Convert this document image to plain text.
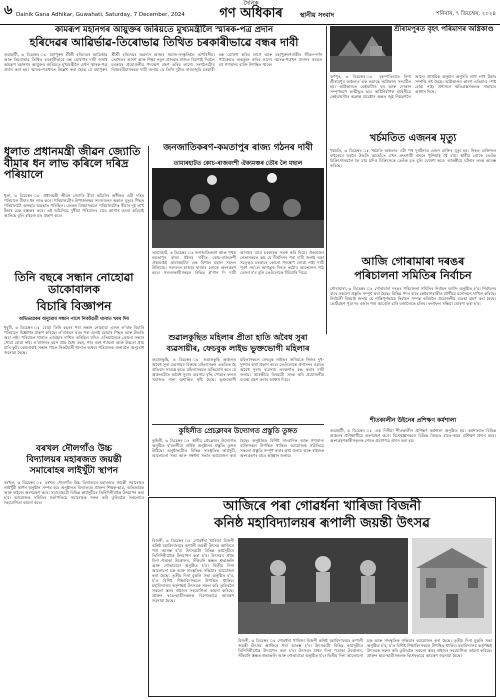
৬ Dainik Gana Adhikar, Guwahati, Saturday, 7 December, 2024
দৈনিক
গণ অধিকাৰ	স্থানীয় সংবাদ	শনিবাৰ, ৭ ডিচেম্বৰ, ২০২৪
কামৰূপ মহানগৰ আয়ুক্তৰ জৰিয়তে মুখ্যমন্ত্ৰীলৈ স্মাৰক-পত্ৰ প্ৰদান
হৰিদেৱৰ আৱিৰ্ভাৱ-তিৰোভাৱ তিথিত চৰকাৰীভাৱে বন্ধৰ দাবী
গুৱাহাটী, ৬ ডিচেম্বৰ ঃ মহাপুৰুষ শ্ৰীশ্ৰী হৰিদেৱৰ আৱিৰ্ভাৱ আৰু তিৰোভাৱ তিথিত চৰকাৰীভাৱে বন্ধ ঘোষণাৰ দাবী জনাই কামৰূপ মহানগৰ আয়ুক্তৰ জৰিয়তে মুখ্যমন্ত্ৰীলৈ এখন স্মাৰক-পত্ৰ প্ৰদান কৰা হয়। স্মাৰক-পত্ৰখনত উল্লেখ কৰা হৈছে যে মহাপুৰুষ শ্ৰীশ্ৰী হৰিদেৱৰ অৱদান অসমৰ সমাজ-সংস্কৃতিলৈ অপৰিসীম। তেখেতৰ আদৰ্শ আৰু শিক্ষা নতুন প্ৰজন্মৰ মাজত বিয়পাই দিবলৈ চৰকাৰে প্ৰয়োজনীয় পদক্ষেপ গ্ৰহণ কৰিব লাগে। সংগঠনটোৰ বিষয়ববীয়াসকলে দাবী জনায় যে তিথি দুটাত ৰাজ্যজুৰি চৰকাৰী বন্ধ ঘোষণা কৰিব লাগে আৰু মহাপুৰুষগৰাকীৰ জীৱন-দৰ্শন পাঠ্যক্ৰমত অন্তৰ্ভুক্ত কৰিব লাগে। স্মাৰক-পত্ৰখন প্ৰদানৰ সময়ত বহু গণ্যমান্য ব্যক্তি উপস্থিত থাকে।
শ্ৰীৰামপুৰত বৃহৎ পৰিমাণৰ অগ্নিকাণ্ড
কৰ্ণপুৰ, ৬ ডিচেম্বৰ ঃ বৃহস্পতিবাৰে নিশা শ্ৰীৰামপুৰ অঞ্চলত এক ভয়াৱহ অগ্নিকাণ্ড সংঘটিত হয়। অগ্নিকাণ্ডত কেইবাটাও ঘৰ আৰু দোকান সম্পূৰ্ণৰূপে ভস্মীভূত হয়। অগ্নিনিৰ্বাপক বাহিনীয়ে কেইবাঘণ্টাৰ অক্লান্ত প্ৰচেষ্টাৰ অন্তত জুই নিয়ন্ত্ৰণলৈ আনে। প্ৰাথমিক অনুমান অনুসৰি লাখ লাখ টকাৰ সম্পত্তি নষ্ট হৈছে। অগ্নিকাণ্ডৰ কাৰণ এতিয়াও স্পষ্ট হোৱা নাই। প্ৰশাসনে ক্ষতিগ্ৰস্তসকলক সাহায্যৰ আশ্বাস দিছে।
ধূলাত প্ৰধানমন্ত্ৰী জীৱন জ্যোতি বীমাৰ ধন লাভ কৰিলে দৰিদ্ৰ পৰিয়ালে
ধূলা, ৬ ডিচেম্বৰ ঃ প্ৰধানমন্ত্ৰী জীৱন জ্যোতি বীমা আঁচনিৰ অধীনত এটা দৰিদ্ৰ পৰিয়ালে বীমাৰ ধন লাভ কৰে। পৰিয়ালটোৰ উপাৰ্জনক্ষম সদস্যজনৰ অকাল মৃত্যুৰ পিছত পৰিয়ালটো অসহায় অৱস্থাত পৰিছিল। বেংকৰ বিষয়াসকলে পৰিয়ালটোক বীমাৰ দুই লাখ টকাৰ চেক হস্তান্তৰ কৰে। এই আঁচনিয়ে দুখীয়া পৰিয়ালৰ বাবে আশাৰ বতৰা কঢ়িয়াই আনিছে বুলি ৰাইজে মত প্ৰকাশ কৰে।
তিনি বছৰে সন্ধান নোহোৱা ডাকোবালক
বিচাৰি বিজ্ঞাপন
অভিভাৱকৰ অনুৰোধ সন্ধান পালে নিকটৱৰ্তী থানাত খবৰ দিব
ধুবুৰী, ৬ ডিচেম্বৰ ঃ যোৱা তিনি বছৰৰ পৰা সন্ধান নোহোৱা এজন ল'ৰাক বিচাৰি পৰিয়ালে বিজ্ঞাপন প্ৰকাশ কৰিছে। ল'ৰাজনে ঘৰৰ পৰা ওলাই যোৱাৰ পিছত আৰু উভতি অহা নাই। পৰিয়ালে থানাত এজাহাৰ দাখিল কৰিছিল যদিও এতিয়ালৈকে কোনো সন্ধান পোৱা হোৱা নাই। ল'ৰাজনৰ বয়স প্ৰায় চৈধ্য বছৰ, গাৰ বৰণ শ্যামলা আৰু উচ্চতা প্ৰায় চাৰি ফুট। কোনোবাই সন্ধান পালে নিকটৱৰ্তী থানাত অথবা পৰিয়ালক জনাবলৈ অনুৰোধ জনোৱা হৈছে।
জনজাতিকৰণ-কমতাপুৰ ৰাজ্য গঠনৰ দাবী
তামাৰহাটত কোচ-ৰাজবংশী ঐক্যমঞ্চৰ তৌৰ লৈ মছাল
তামাৰহাট, ৬ ডিচেম্বৰ ঃ জনজাতিকৰণ আৰু পৃথক কমতাপুৰ ৰাজ্য গঠনৰ দাবীত কোচ-ৰাজবংশী ঐক্যমঞ্চই তামাৰহাটত এক বিশাল মছাল সমদল উলিয়ায়। সমদলত হাজাৰ হাজাৰ লোকে অংশগ্ৰহণ কৰে। সমদলকাৰীসকলে বিভিন্ন শ্ল'গান দি দাবী আদায়ৰ বাবে চৰকাৰক সতৰ্ক কৰি দিয়ে। ঐক্যমঞ্চৰ নেতাসকলে কয় যে দীৰ্ঘদিনৰ পৰা দাবী জনাই অহা সত্ত্বেও চৰকাৰে কোনো পদক্ষেপ লোৱা নাই। দাবী পূৰণ নহ'লে আগন্তুক দিনত কঠোৰ আন্দোলন গঢ়ি তোলা হ'ব বুলি তেওঁলোকে হুঁচিয়াৰি দিয়ে।
খৰ্চমতিত এজনৰ মৃত্যু
খৰ্চমতি, ৬ ডিচেম্বৰ ঃ খৰ্চমতি অঞ্চলত এটা পথ দুৰ্ঘটনাত এজন ব্যক্তিৰ মৃত্যু হয়। নিহত ব্যক্তিজন বাইকেৰে ঘৰলৈ উভতি আহোঁতে এখন দ্ৰুতগামী বাহনে খুন্দিয়াই থৈ যায়। স্থানীয় লোকে তেওঁক চিকিৎসালয়লৈ লৈ যায় যদিও চিকিৎসকে তেওঁক মৃত বুলি ঘোষণা কৰে। আৰক্ষীয়ে ঘটনাৰ তদন্ত আৰম্ভ কৰিছে।
আজি গোৰামাৰা দৰঙৰ
পৰিচালনা সমিতিৰ নিৰ্বাচন
গোৰামাৰা, ৬ ডিচেম্বৰ ঃ গোৰামাৰা দৰঙৰ পৰিচালনা সমিতিৰ নিৰ্বাচন আজি অনুষ্ঠিত হ'ব। নিৰ্বাচনৰ বাবে সকলো প্ৰস্তুতি সম্পূৰ্ণ কৰা হৈছে। বিভিন্ন পদৰ বাবে কেইবাগৰাকীও প্ৰাৰ্থীয়ে মনোনয়ন দাখিল কৰিছে। নিৰ্বাচনী বিষয়াই জনায় যে শান্তিপূৰ্ণভাৱে নিৰ্বাচন সম্পন্ন কৰিবলৈ প্ৰয়োজনীয় ব্যৱস্থা গ্ৰহণ কৰা হৈছে। ভোটগ্ৰহণ পুৱা দহ বজাৰ পৰা আবেলি চাৰি বজালৈকে চলিব। ফলাফল সন্ধিয়া ঘোষণা কৰা হ'ব।
শীতকালীন উইনেৰ প্ৰশিক্ষণ কৰ্মশালা
গুৱাহাটী, ৬ ডিচেম্বৰ ঃ এক দিনীয়া শীতকালীন প্ৰশিক্ষণ কৰ্মশালা অনুষ্ঠিত হয়। কৰ্মশালাত বিভিন্ন অঞ্চলৰ প্ৰশিক্ষাৰ্থীয়ে অংশগ্ৰহণ কৰে। বিশেষজ্ঞসকলে বিভিন্ন বিষয়ত হাতে-কামে প্ৰশিক্ষণ প্ৰদান কৰে। অংশগ্ৰহণকাৰীসকলক শেষত প্ৰমাণপত্ৰ প্ৰদান কৰা হয়।
শুৱালকুছিত মহিলাৰ প্ৰীতা হাতি অবৈধ সুৰা
ব্যৱসায়ীৰ, ফেচবুক লাইভ ভুক্তভোগী মহিলাৰ
শুৱালকুছি, ৬ ডিচেম্বৰ ঃ শুৱালকুছি অঞ্চলত অবৈধ সুৰা ব্যৱসায়ৰ বিৰুদ্ধে মহিলাসকল একত্ৰিত হৈ প্ৰতিবাদ সাব্যস্ত কৰে। মহিলাসকলে অভিযোগ কৰে যে অঞ্চলটোত অবৈধ সুৰাৰ ব্যৱসায় বৃদ্ধি পোৱাৰ ফলত সমাজত নানা অশান্তিৰ সৃষ্টি হৈছে। ভুক্তভোগী মহিলাসকলে ফেচবুক লাইভৰ জৰিয়তে নিজৰ দুখ-দুৰ্দশাৰ কথা প্ৰকাশ কৰে। তেওঁলোকে প্ৰশাসনৰ ওচৰত অবৈধ সুৰাৰ ব্যৱসায় তৎক্ষণাত বন্ধ কৰাৰ দাবী জনায়। আৰক্ষীয়ে বিষয়টো তদন্ত কৰি প্ৰয়োজনীয় ব্যৱস্থা গ্ৰহণ কৰাৰ আশ্বাস দিয়ে।
কুহিলীত প্ৰেচক্লাবৰ উদ্যোগত প্ৰস্তুতি তুঙ্গত
কুহিলী, ৬ ডিচেম্বৰ ঃ স্থানীয় প্ৰেচক্লাবৰ উদ্যোগত অনুষ্ঠিত হ'বলগীয়া বাৰ্ষিক অনুষ্ঠানৰ প্ৰস্তুতি তুঙ্গত উঠিছে। অনুষ্ঠানটোত বিভিন্ন সাংস্কৃতিক কাৰ্যসূচী, আলোচনা সভা আৰু সম্বৰ্ধনা সভাৰ আয়োজন কৰা হৈছে। অনুষ্ঠানত বিশিষ্ট সাংবাদিক আৰু গণ্যমান্য ব্যক্তিসকল উপস্থিত থাকিব। আয়োজক সমিতিয়ে সকলো প্ৰস্তুতি সম্পূৰ্ণ কৰাৰ কথা জনায় আৰু ৰাইজক অংশগ্ৰহণৰ বাবে আহ্বান জনায়।
বৰখল দৌলগাঁও উচ্চ
বিদ্যালয়ৰ মহাৰজত জয়ন্তী
সমাৰোহৰ লাইখুঁটা স্থাপন
বৰখল, ৬ ডিচেম্বৰ ঃ বৰখল দৌলগাঁও উচ্চ বিদ্যালয়ৰ মহাৰজত জয়ন্তী সমাৰোহৰ লাইখুঁটা স্থাপন অনুষ্ঠান সম্পন্ন হয়। অনুষ্ঠানত বিদ্যালয়ৰ প্ৰাক্তন শিক্ষক-ছাত্ৰ, অভিভাৱক আৰু ৰাইজে অংশগ্ৰহণ কৰে। সমাৰোহটো বিভিন্ন কাৰ্যসূচীৰে তিনিদিনীয়াকৈ উদযাপন কৰা হ'ব। আয়োজক সমিতিৰ সভাপতিয়ে সমাৰোহক সফল কৰি তুলিবলৈ সকলোৰে সহযোগিতা কামনা কৰে।	আজিৰে পৰা গোৱৰ্ধনা খাৰিজা বিজনী
কনিষ্ঠ মহাবিদ্যালয়ৰ ৰূপালী জয়ন্তী উৎসৱ
বিজনী, ৬ ডিচেম্বৰ ঃ গোৱৰ্ধনা খাৰিজা বিজনী কনিষ্ঠ মহাবিদ্যালয়ৰ ৰূপালী জয়ন্তী উৎসৱ আজিৰে পৰা আৰম্ভ হ'ব। উৎসৱটো বিভিন্ন কাৰ্যসূচীৰে তিনিদিনীয়াকৈ উদযাপন কৰা হ'ব। উৎসৱৰ প্ৰথম দিনা পতাকা উত্তোলন, সঁকিয়নি স্তম্ভত শ্ৰদ্ধাঞ্জলি আৰু শোভাযাত্ৰা অনুষ্ঠিত হ'ব। দ্বিতীয় দিনা আলোচনা চক্ৰ আৰু সাংস্কৃতিক সন্ধিয়াৰ আয়োজন কৰা হৈছে। তৃতীয় দিনা মুকলি সভা অনুষ্ঠিত হ'ব, য'ত বিশিষ্ট শিক্ষাবিদসকলে উপস্থিত থাকিব। মহাবিদ্যালয় কৰ্তৃপক্ষই উৎসৱক সফল কৰি তুলিবলৈ সকলো স্তৰৰ ৰাইজৰ সহযোগিতা কামনা কৰিছে। প্ৰাক্তন ছাত্ৰ-ছাত্ৰীসকলক বিশেষভাৱে আমন্ত্ৰণ জনোৱা হৈছে।
বিজনী, ৬ ডিচেম্বৰ ঃ গোৱৰ্ধনা খাৰিজা বিজনী কনিষ্ঠ মহাবিদ্যালয়ৰ ৰূপালী জয়ন্তী উৎসৱ আজিৰে পৰা আৰম্ভ হ'ব। উৎসৱটো বিভিন্ন কাৰ্যসূচীৰে তিনিদিনীয়াকৈ উদযাপন কৰা হ'ব। উৎসৱৰ প্ৰথম দিনা পতাকা উত্তোলন, সঁকিয়নি স্তম্ভত শ্ৰদ্ধাঞ্জলি আৰু শোভাযাত্ৰা অনুষ্ঠিত হ'ব। দ্বিতীয় দিনা আলোচনা চক্ৰ আৰু সাংস্কৃতিক সন্ধিয়াৰ আয়োজন কৰা হৈছে। তৃতীয় দিনা মুকলি সভা অনুষ্ঠিত হ'ব, য'ত বিশিষ্ট শিক্ষাবিদসকলে উপস্থিত থাকিব। মহাবিদ্যালয় কৰ্তৃপক্ষই উৎসৱক সফল কৰি তুলিবলৈ সকলো স্তৰৰ ৰাইজৰ সহযোগিতা কামনা কৰিছে। প্ৰাক্তন ছাত্ৰ-ছাত্ৰীসকলক বিশেষভাৱে আমন্ত্ৰণ জনোৱা হৈছে।
